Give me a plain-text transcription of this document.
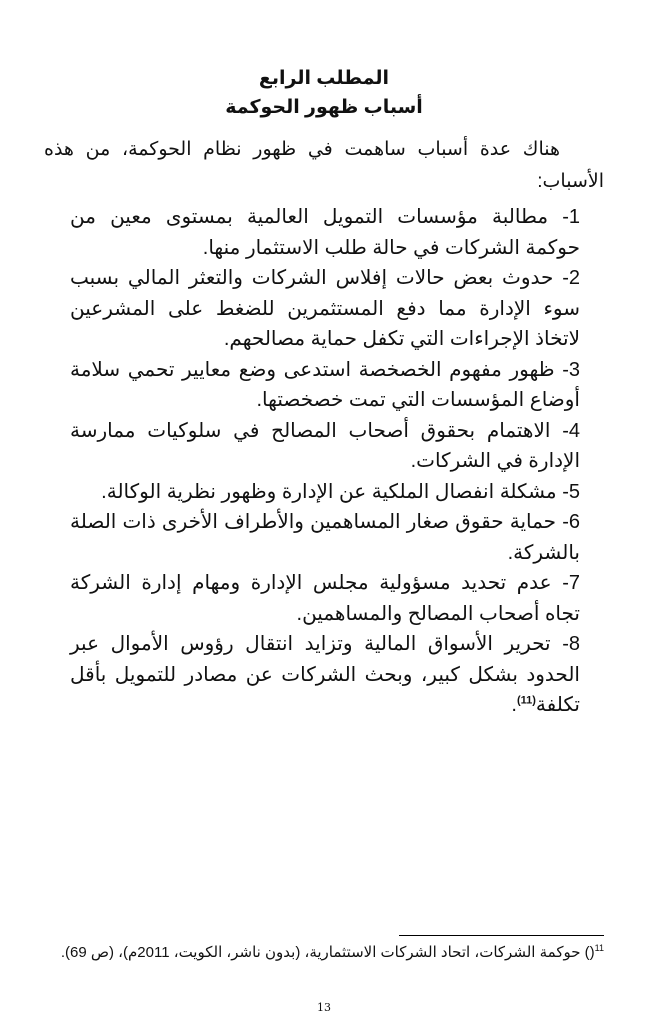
المطلب الرابع

أسباب ظهور الحوكمة

هناك عدة أسباب ساهمت في ظهور نظام الحوكمة، من هذه الأسباب:

1- مطالبة مؤسسات التمويل العالمية بمستوى معين من حوكمة الشركات في حالة طلب الاستثمار منها.
2- حدوث بعض حالات إفلاس الشركات والتعثر المالي بسبب سوء الإدارة مما دفع المستثمرين للضغط على المشرعين لاتخاذ الإجراءات التي تكفل حماية مصالحهم.
3- ظهور مفهوم الخصخصة استدعى وضع معايير تحمي سلامة أوضاع المؤسسات التي تمت خصخصتها.
4- الاهتمام بحقوق أصحاب المصالح في سلوكيات ممارسة الإدارة في الشركات.
5- مشكلة انفصال الملكية عن الإدارة وظهور نظرية الوكالة.
6- حماية حقوق صغار المساهمين والأطراف الأخرى ذات الصلة بالشركة.
7- عدم تحديد مسؤولية مجلس الإدارة ومهام إدارة الشركة تجاه أصحاب المصالح والمساهمين.
8- تحرير الأسواق المالية وتزايد انتقال رؤوس الأموال عبر الحدود بشكل كبير، وبحث الشركات عن مصادر للتمويل بأقل تكلفة$^{(11)}$.

$^{11}$() حوكمة الشركات، اتحاد الشركات الاستثمارية، (بدون ناشر، الكويت، 2011م)، (ص 69).

13
